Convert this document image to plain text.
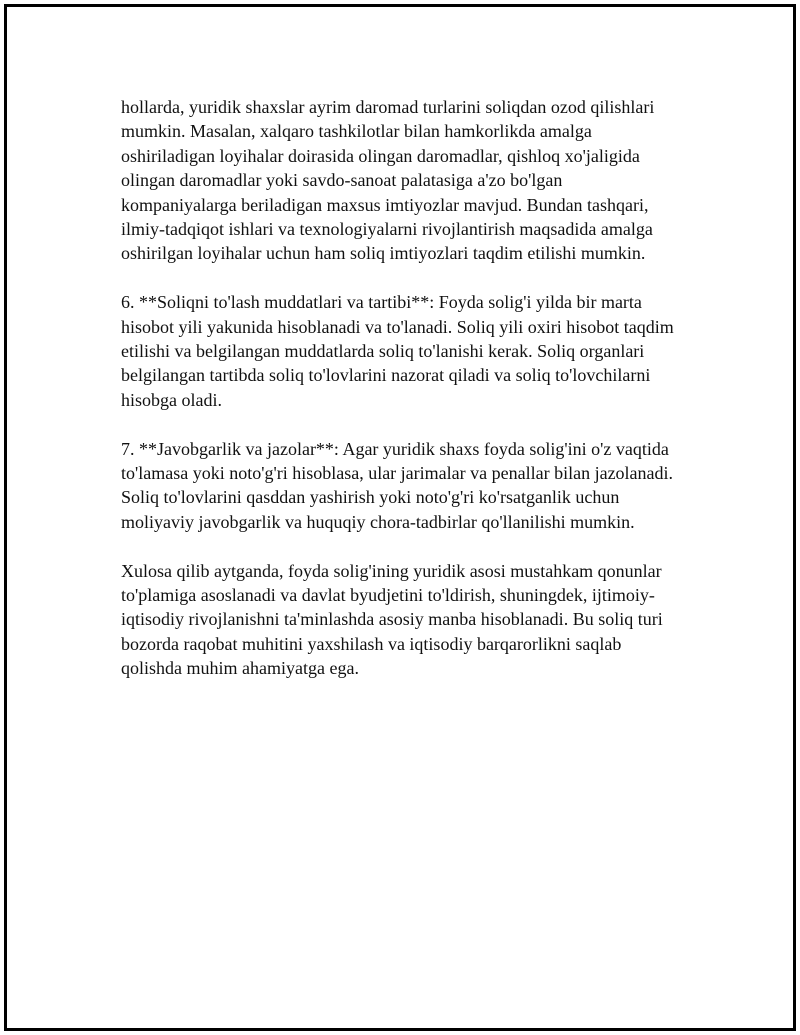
hollarda, yuridik shaxslar ayrim daromad turlarini soliqdan ozod qilishlari
mumkin. Masalan, xalqaro tashkilotlar bilan hamkorlikda amalga
oshiriladigan loyihalar doirasida olingan daromadlar, qishloq xo'jaligida
olingan daromadlar yoki savdo-sanoat palatasiga a'zo bo'lgan
kompaniyalarga beriladigan maxsus imtiyozlar mavjud. Bundan tashqari,
ilmiy-tadqiqot ishlari va texnologiyalarni rivojlantirish maqsadida amalga
oshirilgan loyihalar uchun ham soliq imtiyozlari taqdim etilishi mumkin.

6. **Soliqni to'lash muddatlari va tartibi**: Foyda solig'i yilda bir marta
hisobot yili yakunida hisoblanadi va to'lanadi. Soliq yili oxiri hisobot taqdim
etilishi va belgilangan muddatlarda soliq to'lanishi kerak. Soliq organlari
belgilangan tartibda soliq to'lovlarini nazorat qiladi va soliq to'lovchilarni
hisobga oladi.

7. **Javobgarlik va jazolar**: Agar yuridik shaxs foyda solig'ini o'z vaqtida
to'lamasa yoki noto'g'ri hisoblasa, ular jarimalar va penallar bilan jazolanadi.
Soliq to'lovlarini qasddan yashirish yoki noto'g'ri ko'rsatganlik uchun
moliyaviy javobgarlik va huquqiy chora-tadbirlar qo'llanilishi mumkin.

Xulosa qilib aytganda, foyda solig'ining yuridik asosi mustahkam qonunlar
to'plamiga asoslanadi va davlat byudjetini to'ldirish, shuningdek, ijtimoiy-
iqtisodiy rivojlanishni ta'minlashda asosiy manba hisoblanadi. Bu soliq turi
bozorda raqobat muhitini yaxshilash va iqtisodiy barqarorlikni saqlab
qolishda muhim ahamiyatga ega.
